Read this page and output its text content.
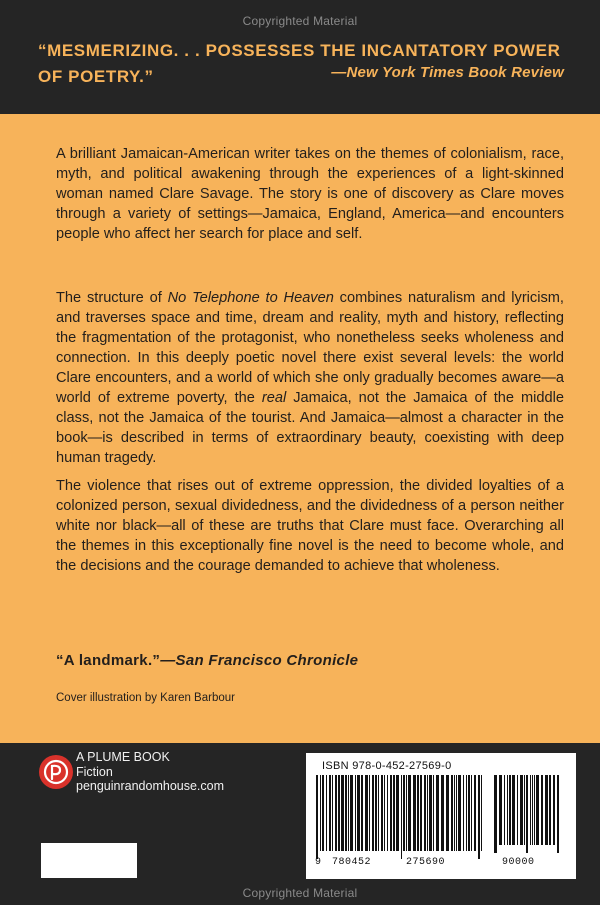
Copyrighted Material
“MESMERIZING. . . POSSESSES THE INCANTATORY POWER OF POETRY.”	—New York Times Book Review

A brilliant Jamaican-American writer takes on the themes of colonialism, race, myth, and political awakening through the experiences of a light-skinned woman named Clare Savage. The story is one of discovery as Clare moves through a variety of settings—Jamaica, England, America—and encounters people who affect her search for place and self.

The structure of No Telephone to Heaven combines naturalism and lyricism, and traverses space and time, dream and reality, myth and history, reflecting the fragmentation of the protagonist, who nonetheless seeks wholeness and connection. In this deeply poetic novel there exist several levels: the world Clare encounters, and a world of which she only gradually becomes aware—a world of extreme poverty, the real Jamaica, not the Jamaica of the middle class, not the Jamaica of the tourist. And Jamaica—almost a character in the book—is described in terms of extraordinary beauty, coexisting with deep human tragedy.

The violence that rises out of extreme oppression, the divided loyalties of a colonized person, sexual dividedness, and the dividedness of a person neither white nor black—all of these are truths that Clare must face. Overarching all the themes in this exceptionally fine novel is the need to become whole, and the decisions and the courage demanded to achieve that wholeness.

“A landmark.”—San Francisco Chronicle
Cover illustration by Karen Barbour
A PLUME BOOK
Fiction
penguinrandomhouse.com
ISBN 978-0-452-27569-0
9 780452	275690	90000
Copyrighted Material
